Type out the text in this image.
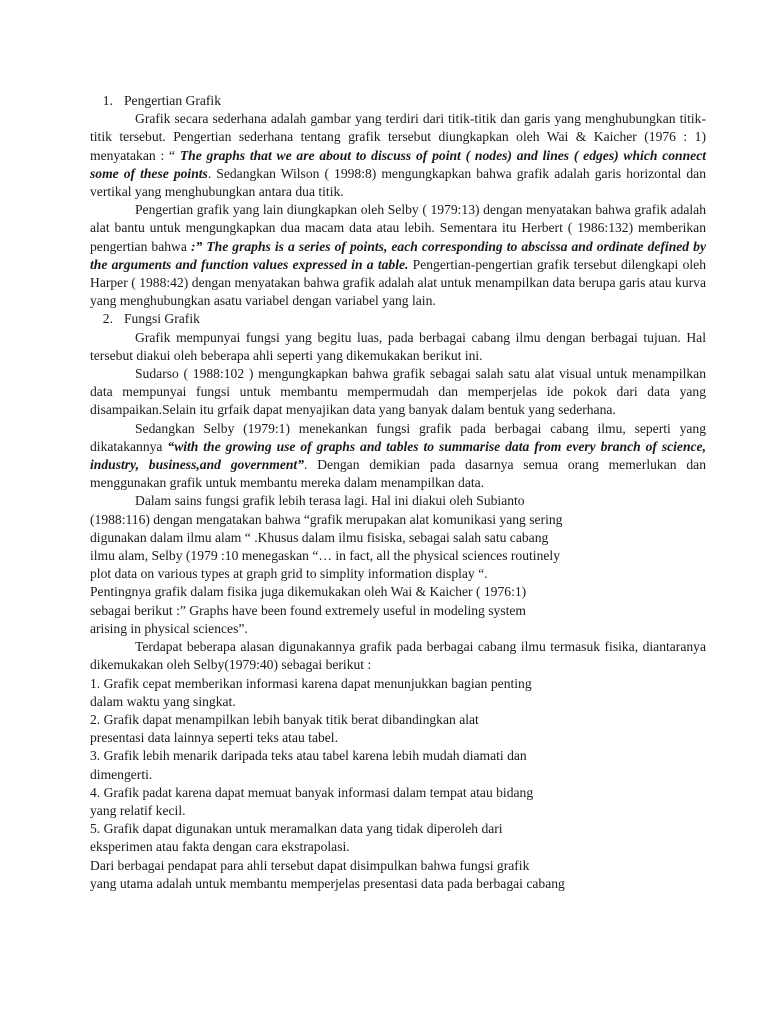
1. Pengertian Grafik

Grafik secara sederhana adalah gambar yang terdiri dari titik-titik dan garis yang menghubungkan titik-titik tersebut. Pengertian sederhana tentang grafik tersebut diungkapkan oleh Wai & Kaicher (1976 : 1) menyatakan : “ The graphs that we are about to discuss of point ( nodes) and lines ( edges) which connect some of these points. Sedangkan Wilson ( 1998:8) mengungkapkan bahwa grafik adalah garis horizontal dan vertikal yang menghubungkan antara dua titik.

Pengertian grafik yang lain diungkapkan oleh Selby ( 1979:13) dengan menyatakan bahwa grafik adalah alat bantu untuk mengungkapkan dua macam data atau lebih. Sementara itu Herbert ( 1986:132) memberikan pengertian bahwa :” The graphs is a series of points, each corresponding to abscissa and ordinate defined by the arguments and function values expressed in a table. Pengertian-pengertian grafik tersebut dilengkapi oleh Harper ( 1988:42) dengan menyatakan bahwa grafik adalah alat untuk menampilkan data berupa garis atau kurva yang menghubungkan asatu variabel dengan variabel yang lain.

2. Fungsi Grafik

Grafik mempunyai fungsi yang begitu luas, pada berbagai cabang ilmu dengan berbagai tujuan. Hal tersebut diakui oleh beberapa ahli seperti yang dikemukakan berikut ini.

Sudarso ( 1988:102 ) mengungkapkan bahwa grafik sebagai salah satu alat visual untuk menampilkan data mempunyai fungsi untuk membantu mempermudah dan memperjelas ide pokok dari data yang disampaikan.Selain itu grfaik dapat menyajikan data yang banyak dalam bentuk yang sederhana.

Sedangkan Selby (1979:1) menekankan fungsi grafik pada berbagai cabang ilmu, seperti yang dikatakannya “with the growing use of graphs and tables to summarise data from every branch of science, industry, business,and government”. Dengan demikian pada dasarnya semua orang memerlukan dan menggunakan grafik untuk membantu mereka dalam menampilkan data.

Dalam sains fungsi grafik lebih terasa lagi. Hal ini diakui oleh Subianto

(1988:116) dengan mengatakan bahwa “grafik merupakan alat komunikasi yang sering

digunakan dalam ilmu alam “ .Khusus dalam ilmu fisiska, sebagai salah satu cabang

ilmu alam, Selby (1979 :10 menegaskan “… in fact, all the physical sciences routinely

plot data on various types at graph grid to simplity information display “.

Pentingnya grafik dalam fisika juga dikemukakan oleh Wai & Kaicher ( 1976:1)

sebagai berikut :” Graphs have been found extremely useful in modeling system

arising in physical sciences”.

Terdapat beberapa alasan digunakannya grafik pada berbagai cabang ilmu termasuk fisika, diantaranya dikemukakan oleh Selby(1979:40) sebagai berikut :

1. Grafik cepat memberikan informasi karena dapat menunjukkan bagian penting

dalam waktu yang singkat.

2. Grafik dapat menampilkan lebih banyak titik berat dibandingkan alat

presentasi data lainnya seperti teks atau tabel.

3. Grafik lebih menarik daripada teks atau tabel karena lebih mudah diamati dan

dimengerti.

4. Grafik padat karena dapat memuat banyak informasi dalam tempat atau bidang

yang relatif kecil.

5. Grafik dapat digunakan untuk meramalkan data yang tidak diperoleh dari

eksperimen atau fakta dengan cara ekstrapolasi.

Dari berbagai pendapat para ahli tersebut dapat disimpulkan bahwa fungsi grafik

yang utama adalah untuk membantu memperjelas presentasi data pada berbagai cabang
